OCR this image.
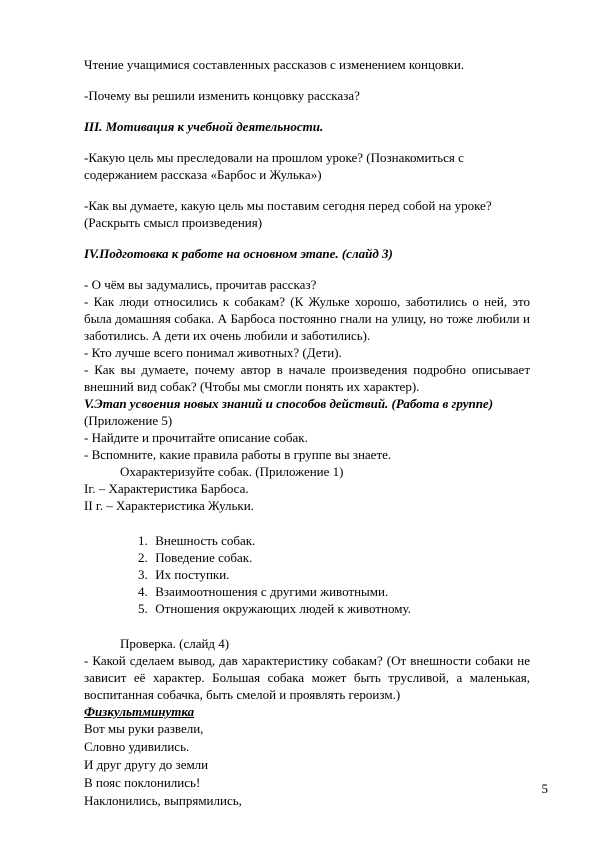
Чтение учащимися составленных рассказов с изменением концовки.

-Почему вы решили изменить концовку рассказа?

III. Мотивация к учебной деятельности.

-Какую цель мы преследовали на прошлом уроке? (Познакомиться с

содержанием рассказа «Барбос и Жулька»)

-Как вы думаете, какую цель мы поставим сегодня перед собой на уроке?

(Раскрыть смысл произведения)

IV.Подготовка к работе на основном этапе. (слайд 3)

- О чём вы задумались, прочитав рассказ?

- Как люди относились к собакам? (К Жульке хорошо, заботились о ней, это была домашняя собака. А Барбоса постоянно гнали на улицу, но тоже любили и заботились. А дети их очень любили и заботились).

- Кто лучше всего понимал животных? (Дети).

- Как вы думаете, почему автор в начале произведения подробно описывает внешний вид собак? (Чтобы мы смогли понять их характер).

V.Этап усвоения новых знаний и способов действий. (Работа в группе)

(Приложение 5)

- Найдите и прочитайте описание собак.

- Вспомните, какие правила работы в группе вы знаете.

Охарактеризуйте собак. (Приложение 1)

Iг. – Характеристика Барбоса.

II г. – Характеристика Жульки.

1. Внешность собак.
2. Поведение собак.
3. Их поступки.
4. Взаимоотношения с другими животными.
5. Отношения окружающих людей к животному.

Проверка. (слайд 4)

- Какой сделаем вывод, дав характеристику собакам? (От внешности собаки не зависит её характер. Большая собака может быть трусливой, а маленькая, воспитанная собачка, быть смелой и проявлять героизм.)

Физкультминутка

Вот мы руки развели,

Словно удивились.

И друг другу до земли

В пояс поклонились!

Наклонились, выпрямились,

5
